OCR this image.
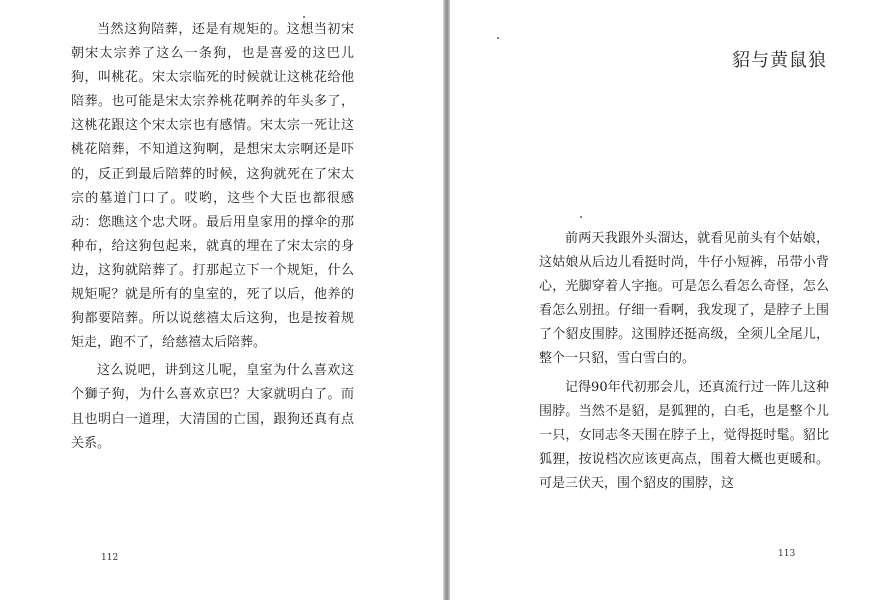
当然这狗陪葬，还是有规矩的。这想当初宋朝宋太宗养了这么一条狗，也是喜爱的这巴儿狗，叫桃花。宋太宗临死的时候就让这桃花给他陪葬。也可能是宋太宗养桃花啊养的年头多了，这桃花跟这个宋太宗也有感情。宋太宗一死让这桃花陪葬，不知道这狗啊，是想宋太宗啊还是吓的，反正到最后陪葬的时候，这狗就死在了宋太宗的墓道门口了。哎哟，这些个大臣也都很感动：您瞧这个忠犬呀。最后用皇家用的撑伞的那种布，给这狗包起来，就真的埋在了宋太宗的身边，这狗就陪葬了。打那起立下一个规矩，什么规矩呢？就是所有的皇室的，死了以后，他养的狗都要陪葬。所以说慈禧太后这狗，也是按着规矩走，跑不了，给慈禧太后陪葬。

这么说吧，讲到这儿呢，皇室为什么喜欢这个獅子狗，为什么喜欢京巴？大家就明白了。而且也明白一道理，大清国的亡国，跟狗还真有点关系。

112
貂与黄鼠狼

前两天我跟外头溜达，就看见前头有个姑娘，这姑娘从后边儿看挺时尚，牛仔小短裤，吊带小背心，光脚穿着人字拖。可是怎么看怎么奇怪，怎么看怎么别扭。仔细一看啊，我发现了，是脖子上围了个貂皮围脖。这围脖还挺高级，全须儿全尾儿，整个一只貂，雪白雪白的。

记得90年代初那会儿，还真流行过一阵儿这种围脖。当然不是貂，是狐狸的，白毛，也是整个儿一只，女同志冬天围在脖子上，觉得挺时髦。貂比狐狸，按说档次应该更高点，围着大概也更暖和。可是三伏天，围个貂皮的围脖，这

113
